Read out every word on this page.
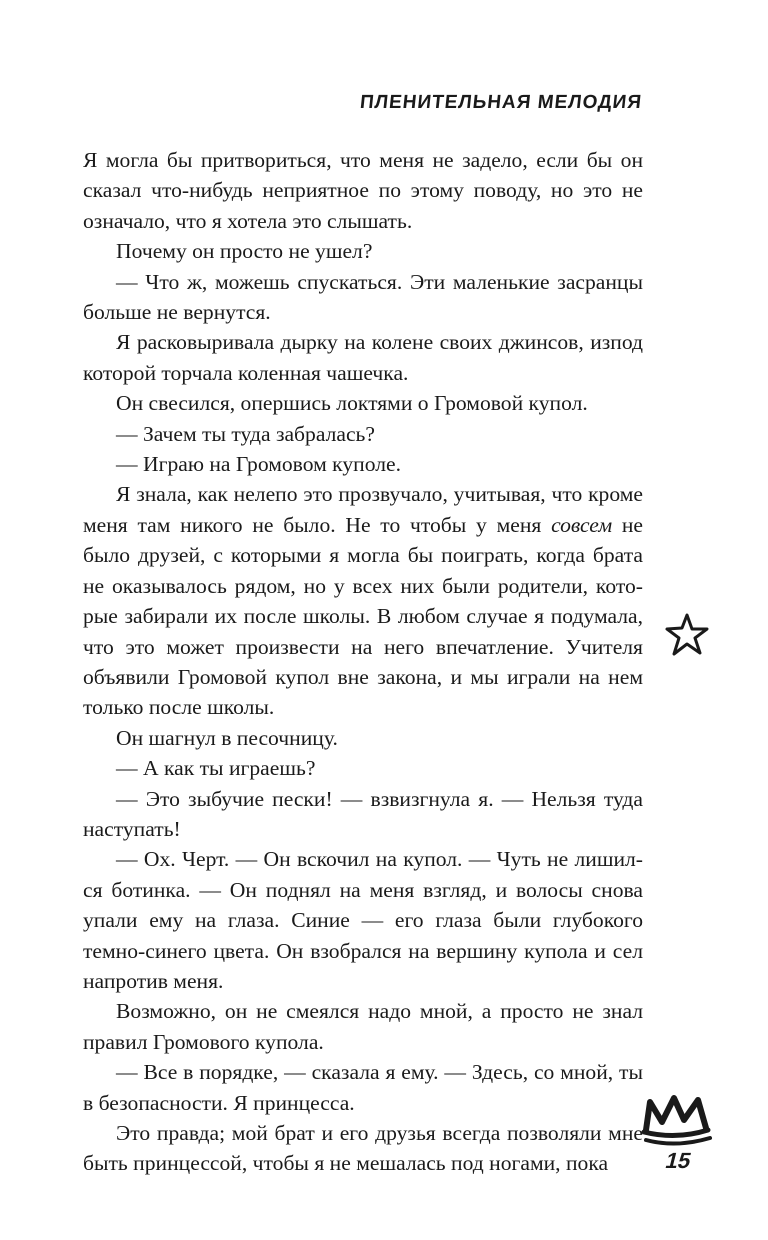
ПЛЕНИТЕЛЬНАЯ МЕЛОДИЯ

Я могла бы притвориться, что меня не задело, если бы он сказал что-нибудь неприятное по этому поводу, но это не означало, что я хотела это слышать.

Почему он просто не ушел?

— Что ж, можешь спускаться. Эти маленькие засранцы больше не вернутся.

Я расковыривала дырку на колене своих джинсов, изпод которой торчала коленная чашечка.

Он свесился, опершись локтями о Громовой купол.

— Зачем ты туда забралась?

— Играю на Громовом куполе.

Я знала, как нелепо это прозвучало, учитывая, что кроме меня там никого не было. Не то чтобы у меня совсем не было друзей, с которыми я могла бы поиграть, когда брата не оказывалось рядом, но у всех них были родители, которые забирали их после школы. В любом случае я подумала, что это может произвести на него впечатление. Учителя объявили Громовой купол вне закона, и мы играли на нем только после школы.

Он шагнул в песочницу.

— А как ты играешь?

— Это зыбучие пески! — взвизгнула я. — Нельзя туда наступать!

— Ох. Черт. — Он вскочил на купол. — Чуть не лишился ботинка. — Он поднял на меня взгляд, и волосы снова упали ему на глаза. Синие — его глаза были глубокого темно-синего цвета. Он взобрался на вершину купола и сел напротив меня.

Возможно, он не смеялся надо мной, а просто не знал правил Громового купола.

— Все в порядке, — сказала я ему. — Здесь, со мной, ты в безопасности. Я принцесса.

Это правда; мой брат и его друзья всегда позволяли мне быть принцессой, чтобы я не мешалась под ногами, пока	15
